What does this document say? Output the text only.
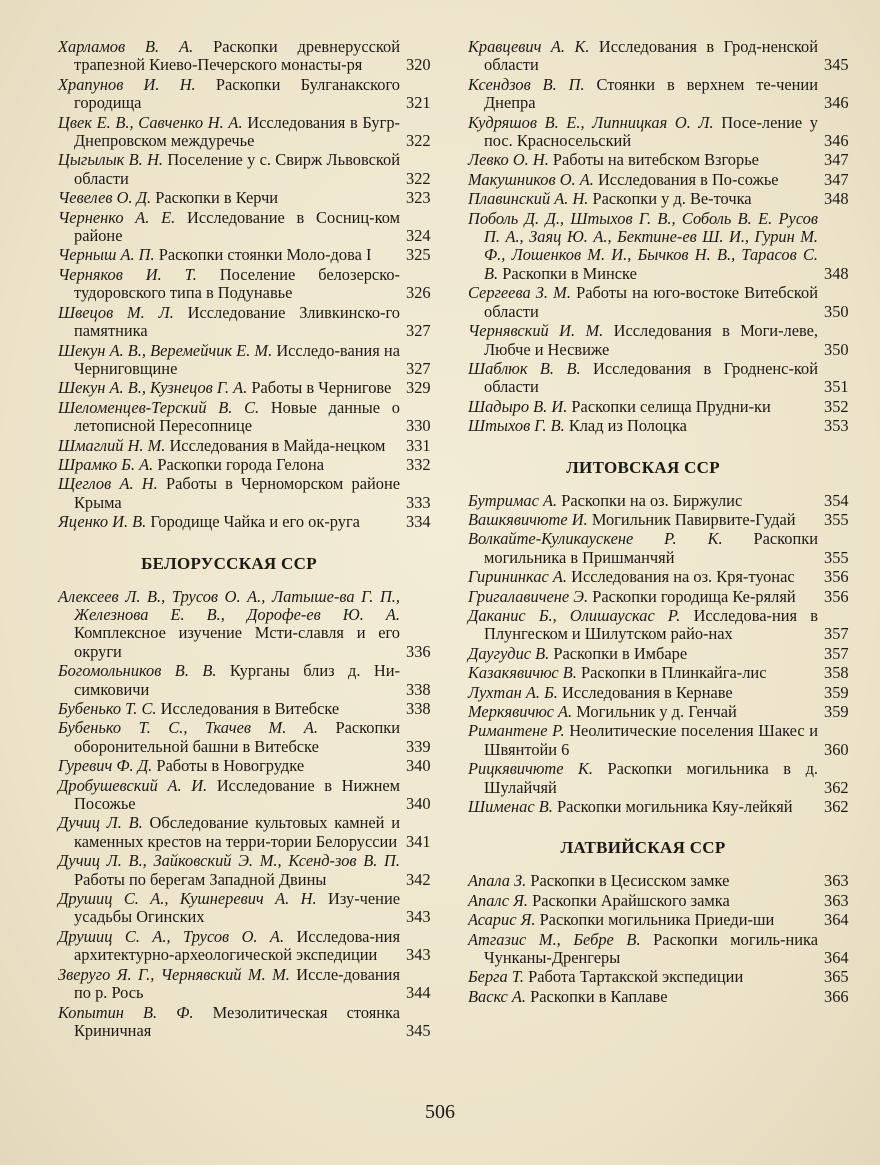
Харламов В. А. Раскопки древнерусской трапезной Киево-Печерского монасты-ря	320
Храпунов И. Н. Раскопки Булганакского городища	321
Цвек Е. В., Савченко Н. А. Исследования в Бугр-Днепровском междуречье	322
Цыгылык В. Н. Поселение у с. Свирж Львовской области	322
Чевелев О. Д. Раскопки в Керчи	323
Черненко А. Е. Исследование в Сосниц-ком районе	324
Черныш А. П. Раскопки стоянки Моло-дова I	325
Черняков И. Т. Поселение белозерско-тудоровского типа в Подунавье	326
Швецов М. Л. Исследование Зливкинско-го памятника	327
Шекун А. В., Веремейчик Е. М. Исследо-вания на Черниговщине	327
Шекун А. В., Кузнецов Г. А. Работы в Чернигове 329
Шеломенцев-Терский В. С. Новые данные о летописной Пересопнице	330
Шмаглий Н. М. Исследования в Майда-нецком	331
Шрамко Б. А. Раскопки города Гелона	332
Щеглов А. Н. Работы в Черноморском районе Крыма	333
Яценко И. В. Городище Чайка и его ок-руга	334
БЕЛОРУССКАЯ ССР
Алексеев Л. В., Трусов О. А., Латыше-ва Г. П., Железнова Е. В., Дорофе-ев Ю. А. Комплексное изучение Мсти-славля и его округи	336
Богомольников В. В. Курганы близ д. Ни-симковичи	338
Бубенько Т. С. Исследования в Витебске	338
Бубенько Т. С., Ткачев М. А. Раскопки оборонительной башни в Витебске	339
Гуревич Ф. Д. Работы в Новогрудке	340
Дробушевский А. И. Исследование в Нижнем Посожье	340
Дучиц Л. В. Обследование культовых камней и каменных крестов на терри-тории Белоруссии 341
Дучиц Л. В., Зайковский Э. М., Ксенд-зов В. П. Работы по берегам Западной Двины	342
Друшиц С. А., Кушнеревич А. Н. Изу-чение усадьбы Огинских	343
Друшиц С. А., Трусов О. А. Исследова-ния архитектурно-археологической экспедиции	343
Зверуго Я. Г., Чернявский М. М. Иссле-дования по р. Рось	344
Копытин В. Ф. Мезолитическая стоянка Криничная	345
Кравцевич А. К. Исследования в Грод-ненской области	345
Ксендзов В. П. Стоянки в верхнем те-чении Днепра	346
Кудряшов В. Е., Липницкая О. Л. Посе-ление у пос. Красносельский	346
Левко О. Н. Работы на витебском Взгорье	347
Макушников О. А. Исследования в По-сожье	347
Плавинский А. Н. Раскопки у д. Ве-точка	348
Поболь Д. Д., Штыхов Г. В., Соболь В. Е. Русов П. А., Заяц Ю. А., Бектине-ев Ш. И., Гурин М. Ф., Лошенков М. И., Бычков Н. В., Тарасов С. В. Раскопки в Минске	348
Сергеева З. М. Работы на юго-востоке Витебской области	350
Чернявский И. М. Исследования в Моги-леве, Любче и Несвиже	350
Шаблюк В. В. Исследования в Гродненс-кой области	351
Шадыро В. И. Раскопки селища Прудни-ки	352
Штыхов Г. В. Клад из Полоцка	353
ЛИТОВСКАЯ ССР
Бутримас А. Раскопки на оз. Биржулис	354
Вашкявичюте И. Могильник Павирвите-Гудай	355
Волкайте-Куликаускене Р. К. Раскопки могильника в Пришманчяй	355
Гирининкас А. Исследования на оз. Кря-туонас	356
Григалавичене Э. Раскопки городища Ке-ряляй	356
Даканис Б., Олишаускас Р. Исследова-ния в Плунгеском и Шилутском райо-нах	357
Даугудис В. Раскопки в Имбаре	357
Казакявичюс В. Раскопки в Плинкайга-лис	358
Лухтан А. Б. Исследования в Кернаве	359
Меркявичюс А. Могильник у д. Генчай	359
Римантене Р. Неолитические поселения Шакес и Швянтойи 6	360
Рицкявичюте К. Раскопки могильника в д. Шулайчяй	362
Шименас В. Раскопки могильника Кяу-лейкяй	362
ЛАТВИЙСКАЯ ССР
Апала З. Раскопки в Цесисском замке	363
Апалс Я. Раскопки Арайшского замка	363
Асарис Я. Раскопки могильника Приеди-ши	364
Атгазис М., Бебре В. Раскопки могиль-ника Чунканы-Дренгеры	364
Берга Т. Работа Тартакской экспедиции	365
Васкс А. Раскопки в Каплаве	366
506
